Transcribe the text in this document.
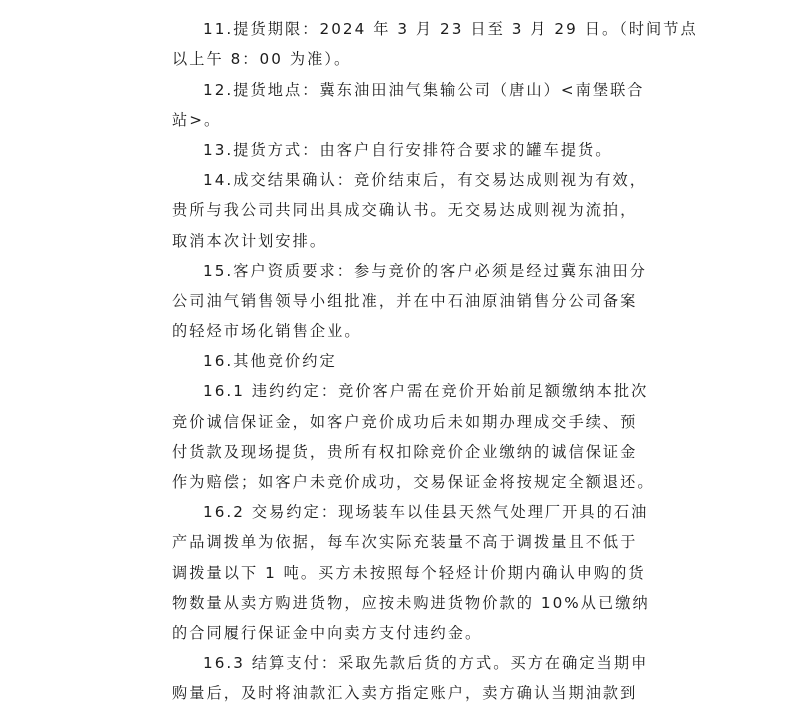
11.提货期限：2024 年 3 月 23 日至 3 月 29 日。（时间节点
以上午 8：00 为准）。
12.提货地点：冀东油田油气集输公司（唐山）<南堡联合
站>。
13.提货方式：由客户自行安排符合要求的罐车提货。
14.成交结果确认：竞价结束后，有交易达成则视为有效，
贵所与我公司共同出具成交确认书。无交易达成则视为流拍，
取消本次计划安排。
15.客户资质要求：参与竞价的客户必须是经过冀东油田分
公司油气销售领导小组批准，并在中石油原油销售分公司备案
的轻烃市场化销售企业。
16.其他竞价约定
16.1 违约约定：竞价客户需在竞价开始前足额缴纳本批次
竞价诚信保证金，如客户竞价成功后未如期办理成交手续、预
付货款及现场提货，贵所有权扣除竞价企业缴纳的诚信保证金
作为赔偿；如客户未竞价成功，交易保证金将按规定全额退还。
16.2 交易约定：现场装车以佳县天然气处理厂开具的石油
产品调拨单为依据，每车次实际充装量不高于调拨量且不低于
调拨量以下 1 吨。买方未按照每个轻烃计价期内确认申购的货
物数量从卖方购进货物，应按未购进货物价款的 10%从已缴纳
的合同履行保证金中向卖方支付违约金。
16.3 结算支付：采取先款后货的方式。买方在确定当期申
购量后，及时将油款汇入卖方指定账户，卖方确认当期油款到
